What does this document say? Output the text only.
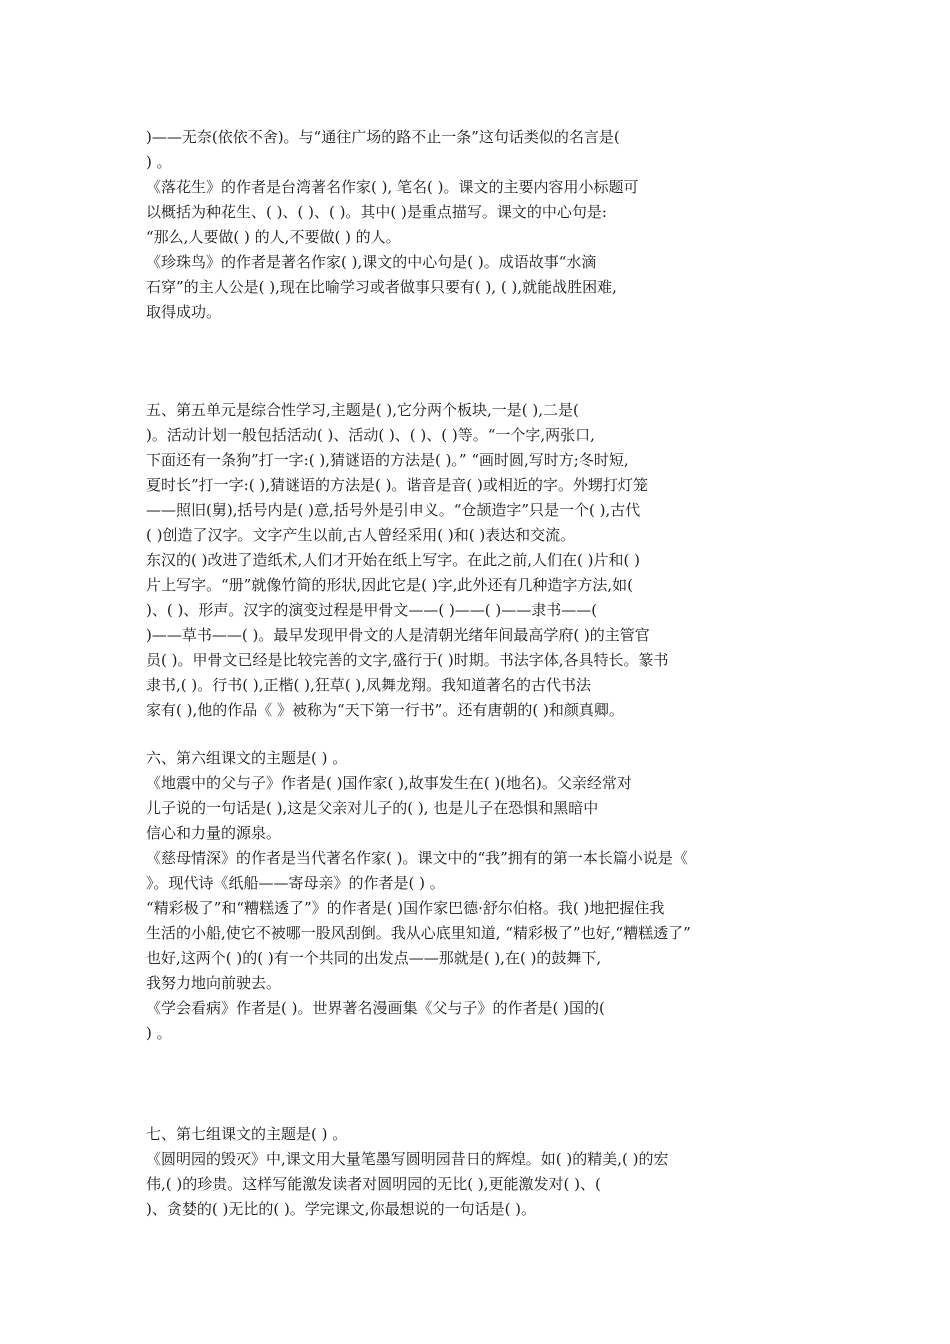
)——无奈(依依不舍)。与“通往广场的路不止一条”这句话类似的名言是(
) 。
《落花生》的作者是台湾著名作家( ), 笔名( )。课文的主要内容用小标题可
以概括为种花生、( )、( )、( )。其中( )是重点描写。课文的中心句是:
“那么,人要做( ) 的人,不要做( ) 的人。
《珍珠鸟》的作者是著名作家( ),课文的中心句是( )。成语故事“水滴
石穿”的主人公是( ),现在比喻学习或者做事只要有( ), ( ),就能战胜困难,
取得成功。
五、第五单元是综合性学习,主题是( ),它分两个板块,一是( ),二是(
)。活动计划一般包括活动( )、活动( )、( )、( )等。“一个字,两张口,
下面还有一条狗”打一字:( ),猜谜语的方法是( )。” “画时圆,写时方;冬时短,
夏时长”打一字:( ),猜谜语的方法是( )。谐音是音( )或相近的字。外甥打灯笼
——照旧(舅),括号内是( )意,括号外是引申义。“仓颉造字”只是一个( ),古代
( )创造了汉字。文字产生以前,古人曾经采用( )和( )表达和交流。
东汉的( )改进了造纸术,人们才开始在纸上写字。在此之前,人们在( )片和( )
片上写字。“册”就像竹简的形状,因此它是( )字,此外还有几种造字方法,如(
)、( )、形声。汉字的演变过程是甲骨文——( )——( )——隶书——(
)——草书——( )。最早发现甲骨文的人是清朝光绪年间最高学府( )的主管官
员( )。甲骨文已经是比较完善的文字,盛行于( )时期。书法字体,各具特长。篆书
隶书,( )。行书( ),正楷( ),狂草( ),凤舞龙翔。我知道著名的古代书法
家有( ),他的作品《 》被称为“天下第一行书”。还有唐朝的( )和颜真卿。
六、第六组课文的主题是( ) 。
《地震中的父与子》作者是( )国作家( ),故事发生在( )(地名)。父亲经常对
儿子说的一句话是( ),这是父亲对儿子的( ), 也是儿子在恐惧和黑暗中
信心和力量的源泉。
《慈母情深》的作者是当代著名作家( )。课文中的“我”拥有的第一本长篇小说是《
》。现代诗《纸船——寄母亲》的作者是( ) 。
“精彩极了”和“糟糕透了”》的作者是( )国作家巴德·舒尔伯格。我( )地把握住我
生活的小船,使它不被哪一股风刮倒。我从心底里知道, “精彩极了”也好,“糟糕透了”
也好,这两个( )的( )有一个共同的出发点——那就是( ),在( )的鼓舞下,
我努力地向前驶去。
《学会看病》作者是( )。世界著名漫画集《父与子》的作者是( )国的(
) 。
七、第七组课文的主题是( ) 。
《圆明园的毁灭》中,课文用大量笔墨写圆明园昔日的辉煌。如( )的精美,( )的宏
伟,( )的珍贵。这样写能激发读者对圆明园的无比( ),更能激发对( )、(
)、贪婪的( )无比的( )。学完课文,你最想说的一句话是( )。
